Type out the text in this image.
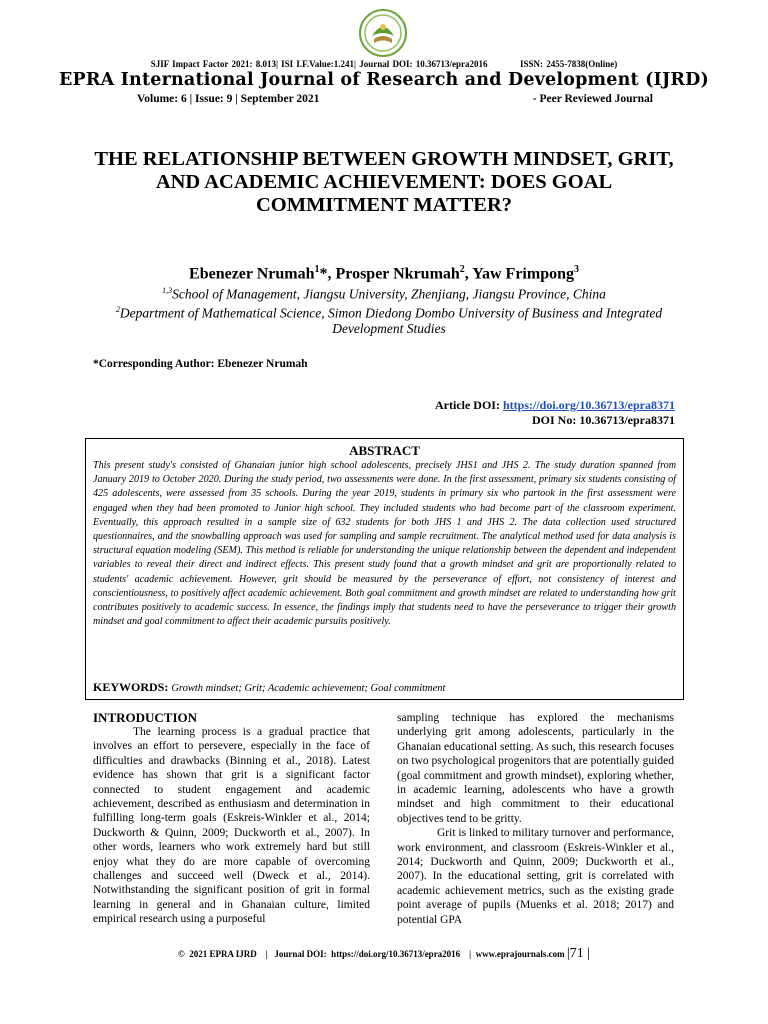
SJIF Impact Factor 2021: 8.013| ISI I.F.Value:1.241| Journal DOI: 10.36713/epra2016          ISSN: 2455-7838(Online)
EPRA International Journal of Research and Development (IJRD)
Volume: 6 | Issue: 9 | September 2021	- Peer Reviewed Journal
THE RELATIONSHIP BETWEEN GROWTH MINDSET, GRIT, AND ACADEMIC ACHIEVEMENT: DOES GOAL COMMITMENT MATTER?
Ebenezer Nrumah$^1$*, Prosper Nkrumah$^2$, Yaw Frimpong$^3$
$^{1,3}$School of Management, Jiangsu University, Zhenjiang, Jiangsu Province, China
$^2$Department of Mathematical Science, Simon Diedong Dombo University of Business and Integrated Development Studies
*Corresponding Author: Ebenezer Nrumah
Article DOI: https://doi.org/10.36713/epra8371
DOI No: 10.36713/epra8371
ABSTRACT

This present study's consisted of Ghanaian junior high school adolescents, precisely JHS1 and JHS 2. The study duration spanned from January 2019 to October 2020. During the study period, two assessments were done. In the first assessment, primary six students consisting of 425 adolescents, were assessed from 35 schools. During the year 2019, students in primary six who partook in the first assessment were engaged when they had been promoted to Junior high school. They included students who had become part of the classroom experiment. Eventually, this approach resulted in a sample size of 632 students for both JHS 1 and JHS 2. The data collection used structured questionnaires, and the snowballing approach was used for sampling and sample recruitment. The analytical method used for data analysis is structural equation modeling (SEM). This method is reliable for understanding the unique relationship between the dependent and independent variables to reveal their direct and indirect effects. This present study found that a growth mindset and grit are proportionally related to students' academic achievement. However, grit should be measured by the perseverance of effort, not consistency of interest and conscientiousness, to positively affect academic achievement. Both goal commitment and growth mindset are related to understanding how grit contributes positively to academic success. In essence, the findings imply that students need to have the perseverance to trigger their growth mindset and goal commitment to affect their academic pursuits positively.

KEYWORDS: Growth mindset; Grit; Academic achievement; Goal commitment
INTRODUCTION

The learning process is a gradual practice that involves an effort to persevere, especially in the face of difficulties and drawbacks (Binning et al., 2018). Latest evidence has shown that grit is a significant factor connected to student engagement and academic achievement, described as enthusiasm and determination in fulfilling long-term goals (Eskreis-Winkler et al., 2014; Duckworth & Quinn, 2009; Duckworth et al., 2007). In other words, learners who work extremely hard but still enjoy what they do are more capable of overcoming challenges and succeed well (Dweck et al., 2014). Notwithstanding the significant position of grit in formal learning in general and in Ghanaian culture, limited empirical research using a purposeful

sampling technique has explored the mechanisms underlying grit among adolescents, particularly in the Ghanaian educational setting. As such, this research focuses on two psychological progenitors that are potentially guided (goal commitment and growth mindset), exploring whether, in academic learning, adolescents who have a growth mindset and high commitment to their educational objectives tend to be gritty.

Grit is linked to military turnover and performance, work environment, and classroom (Eskreis-Winkler et al., 2014; Duckworth and Quinn, 2009; Duckworth et al., 2007). In the educational setting, grit is correlated with academic achievement metrics, such as the existing grade point average of pupils (Muenks et al. 2018; 2017) and potential GPA

©  2021 EPRA IJRD    |   Journal DOI:  https://doi.org/10.36713/epra2016    |  www.eprajournals.com |71 |
